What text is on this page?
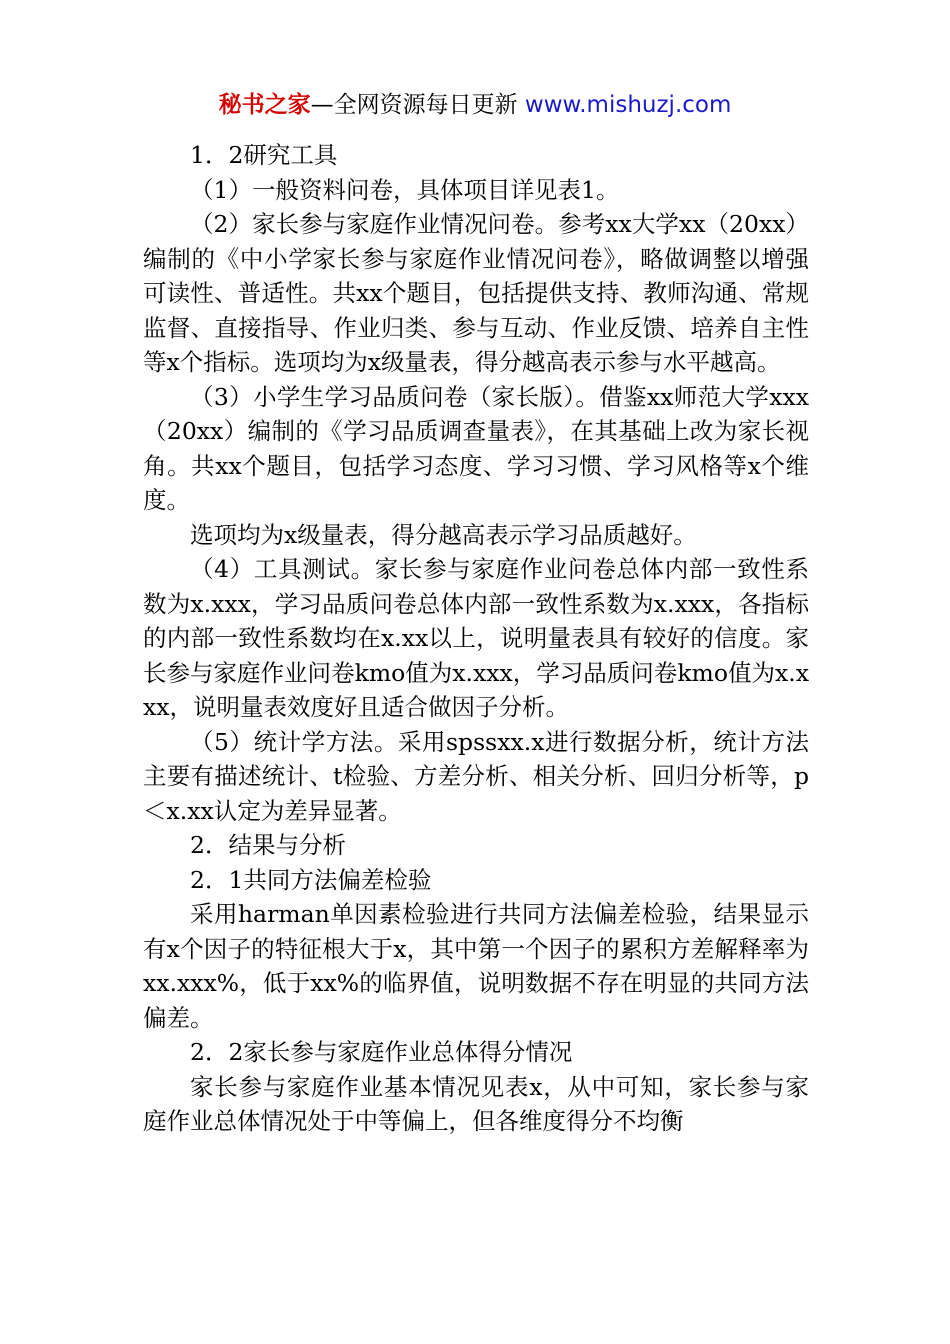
秘书之家—全网资源每日更新 www.mishuzj.com

1．2研究工具

（1）一般资料问卷，具体项目详见表1。

（2）家长参与家庭作业情况问卷。参考xx大学xx（20xx）编制的《中小学家长参与家庭作业情况问卷》，略做调整以增强可读性、普适性。共xx个题目，包括提供支持、教师沟通、常规监督、直接指导、作业归类、参与互动、作业反馈、培养自主性等x个指标。选项均为x级量表，得分越高表示参与水平越高。

（3）小学生学习品质问卷（家长版）。借鉴xx师范大学xxx（20xx）编制的《学习品质调查量表》，在其基础上改为家长视角。共xx个题目，包括学习态度、学习习惯、学习风格等x个维度。

选项均为x级量表，得分越高表示学习品质越好。

（4）工具测试。家长参与家庭作业问卷总体内部一致性系数为x.xxx，学习品质问卷总体内部一致性系数为x.xxx，各指标的内部一致性系数均在x.xx以上，说明量表具有较好的信度。家长参与家庭作业问卷kmo值为x.xxx，学习品质问卷kmo值为x.xxx，说明量表效度好且适合做因子分析。

（5）统计学方法。采用spssxx.x进行数据分析，统计方法主要有描述统计、t检验、方差分析、相关分析、回归分析等，p＜x.xx认定为差异显著。

2．结果与分析

2．1共同方法偏差检验

采用harman单因素检验进行共同方法偏差检验，结果显示有x个因子的特征根大于x，其中第一个因子的累积方差解释率为xx.xxx%，低于xx%的临界值，说明数据不存在明显的共同方法偏差。

2．2家长参与家庭作业总体得分情况

家长参与家庭作业基本情况见表x，从中可知，家长参与家庭作业总体情况处于中等偏上，但各维度得分不均衡
